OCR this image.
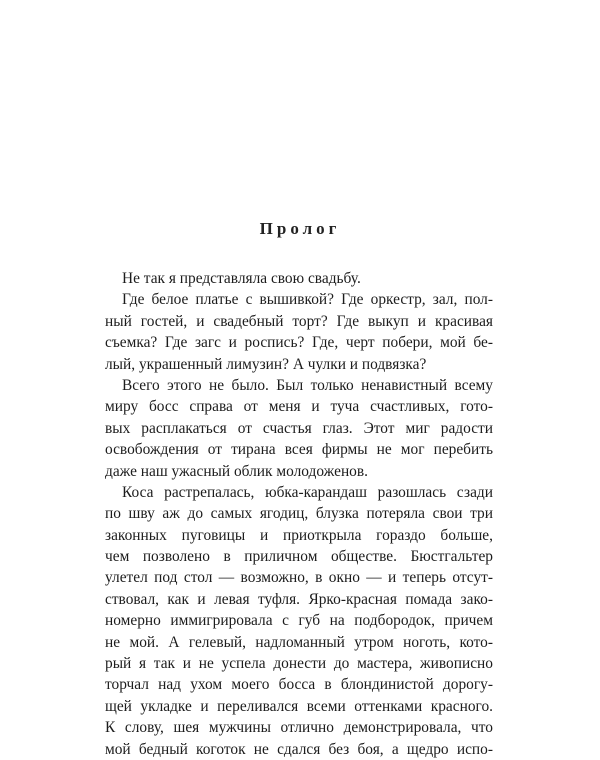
Пролог
Не так я представляла свою свадьбу.
Где белое платье с вышивкой? Где оркестр, зал, пол-
ный гостей, и свадебный торт? Где выкуп и красивая
съемка? Где загс и роспись? Где, черт побери, мой бе-
лый, украшенный лимузин? А чулки и подвязка?
Всего этого не было. Был только ненавистный всему
миру босс справа от меня и туча счастливых, гото-
вых расплакаться от счастья глаз. Этот миг радости
освобождения от тирана всея фирмы не мог перебить
даже наш ужасный облик молодоженов.
Коса растрепалась, юбка-карандаш разошлась сзади
по шву аж до самых ягодиц, блузка потеряла свои три
законных пуговицы и приоткрыла гораздо больше,
чем позволено в приличном обществе. Бюстгальтер
улетел под стол — возможно, в окно — и теперь отсут-
ствовал, как и левая туфля. Ярко-красная помада зако-
номерно иммигрировала с губ на подбородок, причем
не мой. А гелевый, надломанный утром ноготь, кото-
рый я так и не успела донести до мастера, живописно
торчал над ухом моего босса в блондинистой дорогу-
щей укладке и переливался всеми оттенками красного.
К слову, шея мужчины отлично демонстрировала, что
мой бедный коготок не сдался без боя, а щедро испо-
